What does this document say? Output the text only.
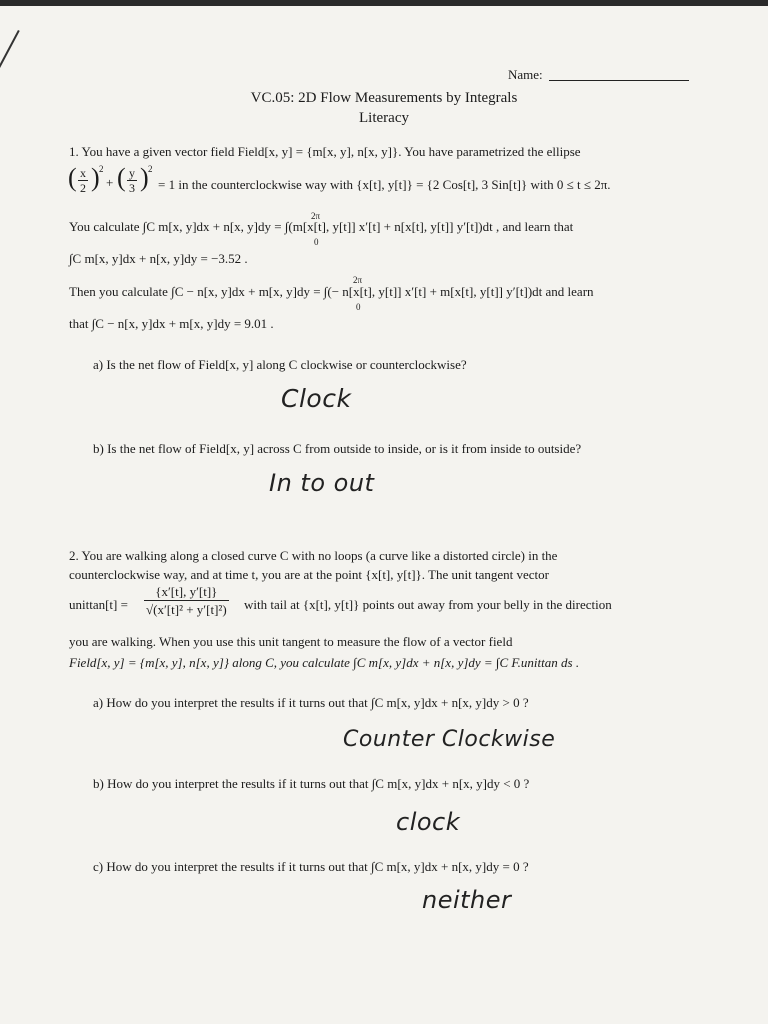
Name:
VC.05: 2D Flow Measurements by Integrals
Literacy
1. You have a given vector field Field[x, y] = {m[x, y], n[x, y]}. You have parametrized the ellipse
( x
2 ) 2
+ ( y
3 ) 2
= 1 in the counterclockwise way with {x[t], y[t]} = {2 Cos[t], 3 Sin[t]} with 0 ≤ t ≤ 2π.
2π
You calculate ∫C m[x, y]dx + n[x, y]dy = ∫(m[x[t], y[t]] x′[t] + n[x[t], y[t]] y′[t])dt , and learn that
0
∫C m[x, y]dx + n[x, y]dy = −3.52 .
2π
Then you calculate ∫C − n[x, y]dx + m[x, y]dy = ∫(− n[x[t], y[t]] x′[t] + m[x[t], y[t]] y′[t])dt and learn
0
that ∫C − n[x, y]dx + m[x, y]dy = 9.01 .
a) Is the net flow of Field[x, y] along C clockwise or counterclockwise?
Clock
b) Is the net flow of Field[x, y] across C from outside to inside, or is it from inside to outside?
In to out
2. You are walking along a closed curve C with no loops (a curve like a distorted circle) in the
counterclockwise way, and at time t, you are at the point {x[t], y[t]}. The unit tangent vector
unittan[t] =
{x′[t], y′[t]}
√(x′[t]² + y′[t]²) with tail at {x[t], y[t]} points out away from your belly in the direction
you are walking. When you use this unit tangent to measure the flow of a vector field
Field[x, y] = {m[x, y], n[x, y]} along C, you calculate ∫C m[x, y]dx + n[x, y]dy = ∫C F.unittan ds .
a) How do you interpret the results if it turns out that ∫C m[x, y]dx + n[x, y]dy > 0 ?
Counter Clockwise
b) How do you interpret the results if it turns out that ∫C m[x, y]dx + n[x, y]dy < 0 ?
clock
c) How do you interpret the results if it turns out that ∫C m[x, y]dx + n[x, y]dy = 0 ?
neither
